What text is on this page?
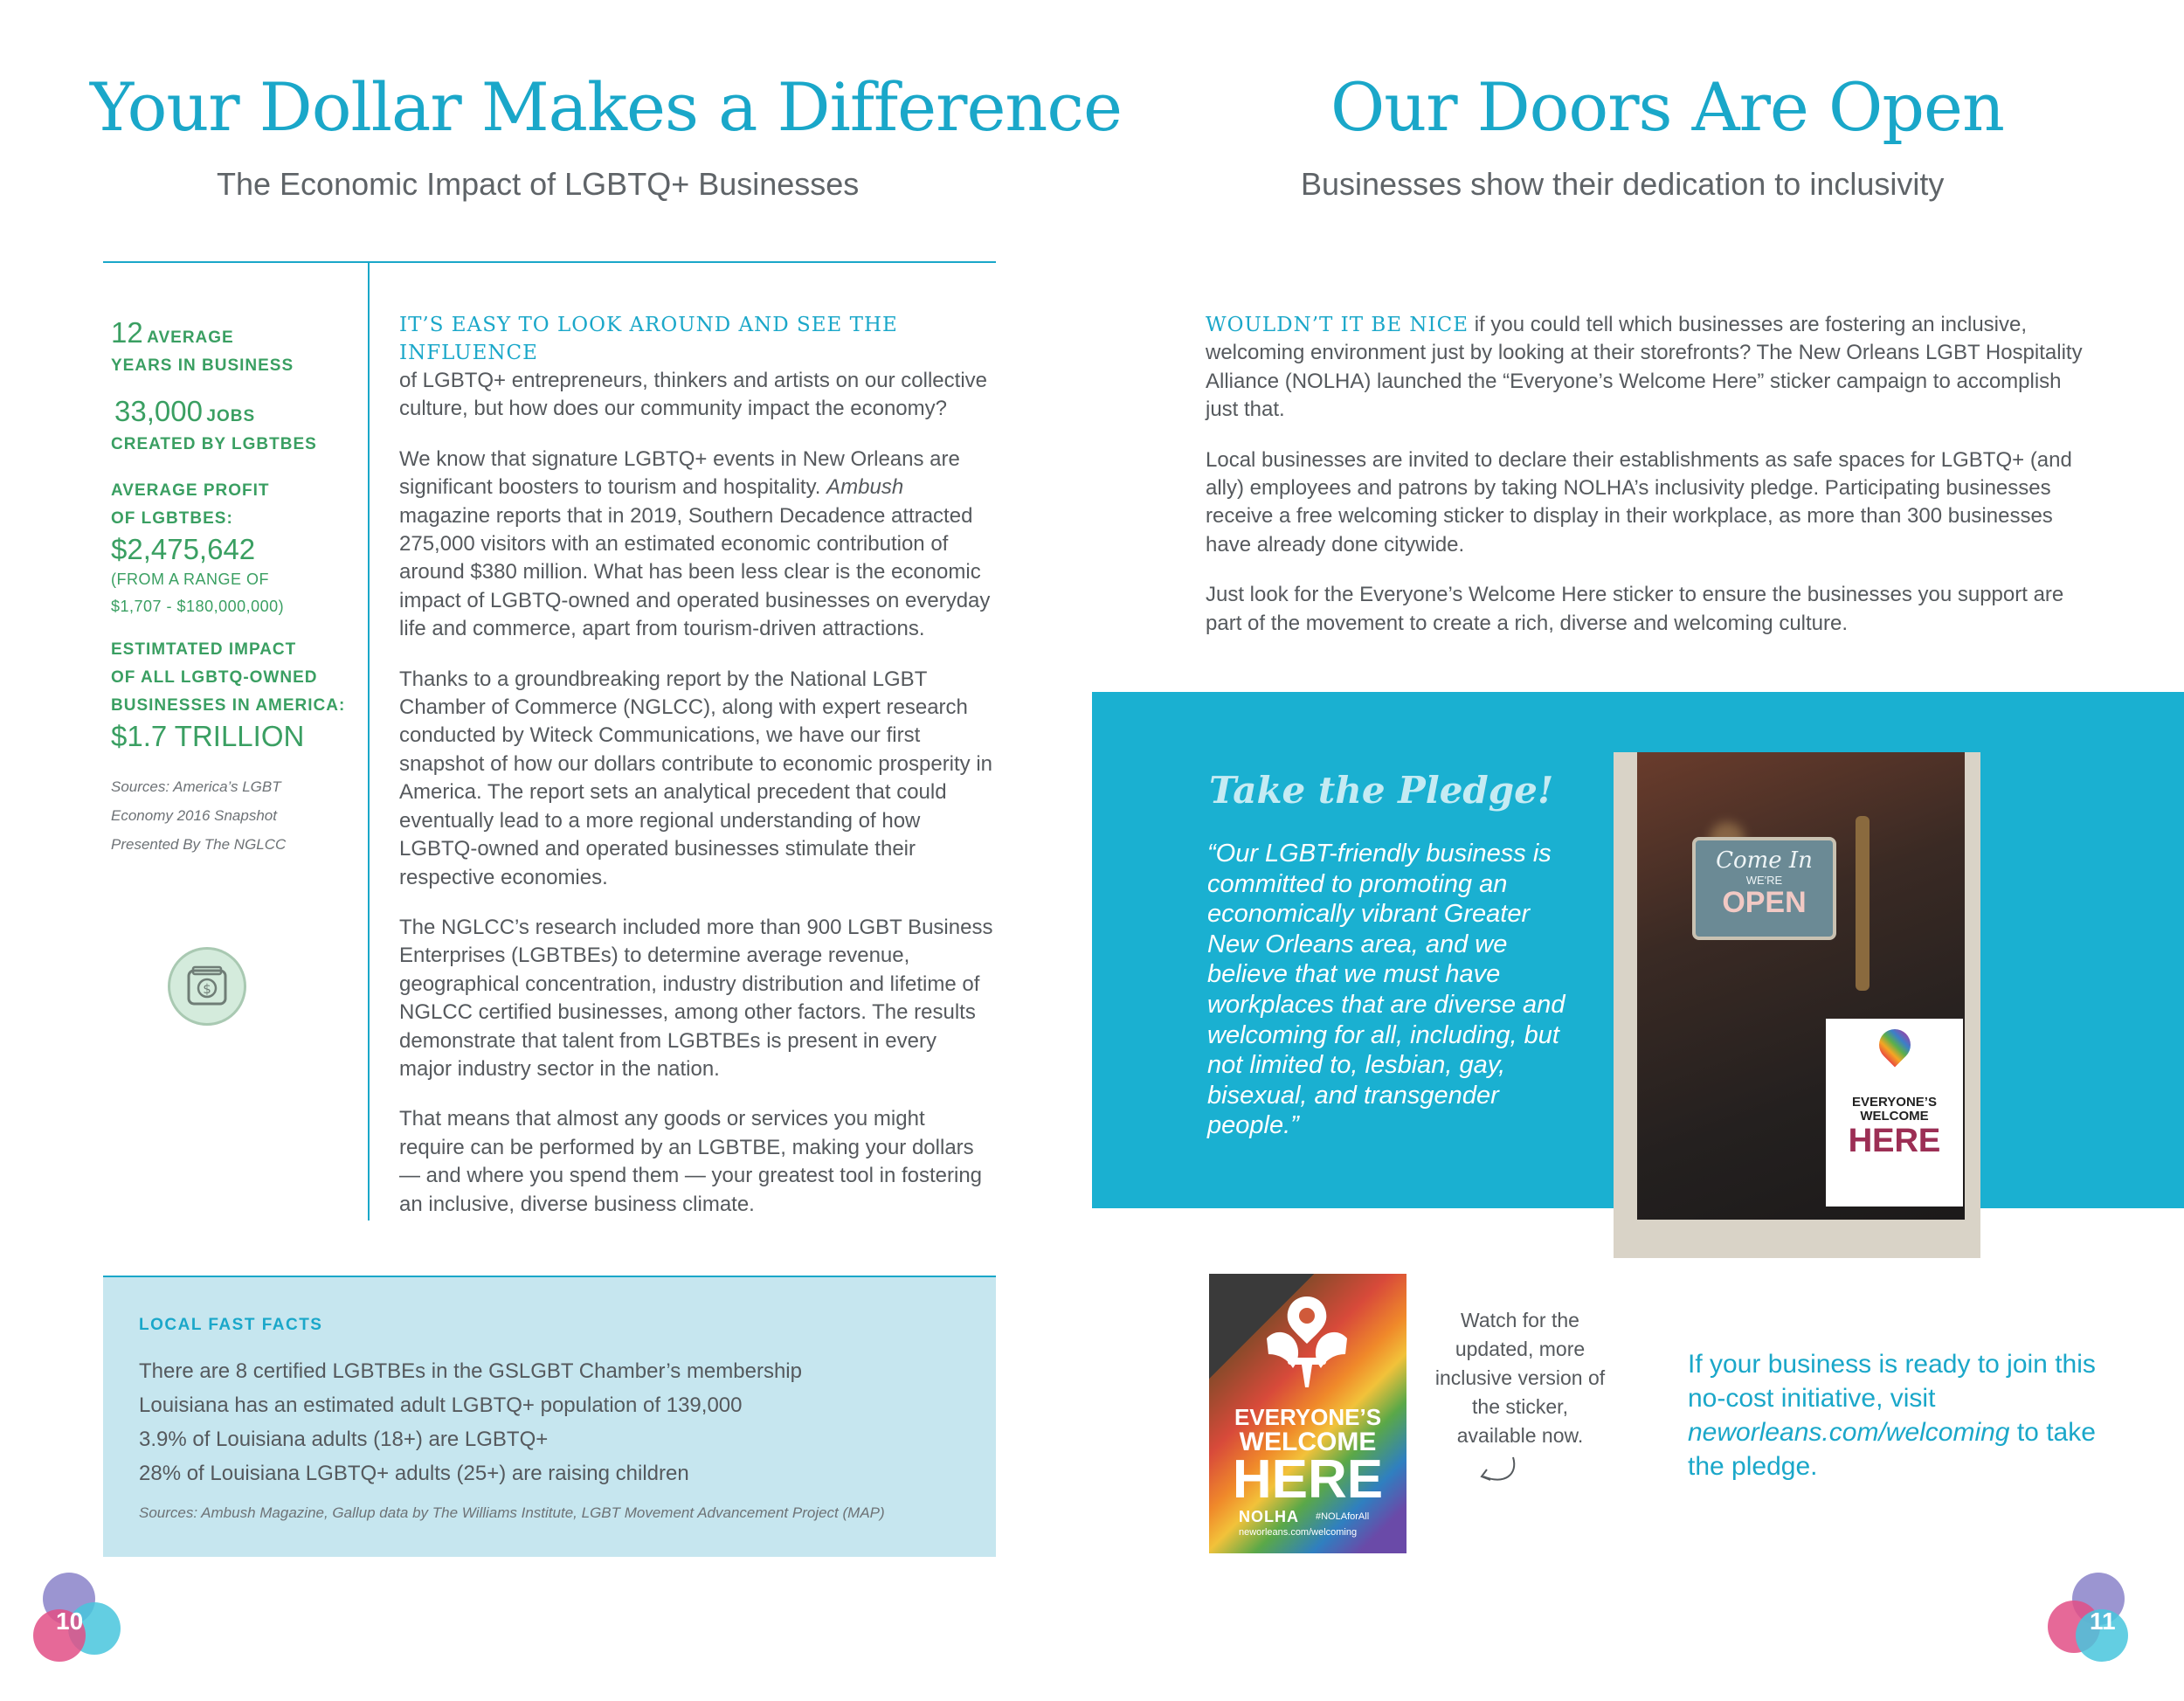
Your Dollar Makes a Difference
The Economic Impact of LGBTQ+ Businesses
12 AVERAGE
YEARS IN BUSINESS
33,000 JOBS
CREATED BY LGBTBES
AVERAGE PROFIT
OF LGBTBES:
$2,475,642
(FROM A RANGE OF
$1,707 - $180,000,000)
ESTIMTATED IMPACT
OF ALL LGBTQ-OWNED
BUSINESSES IN AMERICA:
$1.7 TRILLION
Sources: America’s LGBT
Economy 2016 Snapshot
Presented By The NGLCC
$
IT’S EASY TO LOOK AROUND AND SEE THE INFLUENCE

of LGBTQ+ entrepreneurs, thinkers and artists on our collective culture, but how does our community impact the economy?

We know that signature LGBTQ+ events in New Orleans are significant boosters to tourism and hospitality. Ambush magazine reports that in 2019, Southern Decadence attracted 275,000 visitors with an estimated economic contribution of around $380 million. What has been less clear is the economic impact of LGBTQ-owned and operated businesses on everyday life and commerce, apart from tourism-driven attractions.

Thanks to a groundbreaking report by the National LGBT Chamber of Commerce (NGLCC), along with expert research conducted by Witeck Communications, we have our first snapshot of how our dollars contribute to economic prosperity in America. The report sets an analytical precedent that could eventually lead to a more regional understanding of how LGBTQ-owned and operated businesses stimulate their respective economies.

The NGLCC’s research included more than 900 LGBT Business Enterprises (LGBTBEs) to determine average revenue, geographical concentration, industry distribution and lifetime of NGLCC certified businesses, among other factors. The results demonstrate that talent from LGBTBEs is present in every major industry sector in the nation.

That means that almost any goods or services you might require can be performed by an LGBTBE, making your dollars — and where you spend them — your greatest tool in fostering an inclusive, diverse business climate.

LOCAL FAST FACTS
There are 8 certified LGBTBEs in the GSLGBT Chamber’s membership
Louisiana has an estimated adult LGBTQ+ population of 139,000
3.9% of Louisiana adults (18+) are LGBTQ+
28% of Louisiana LGBTQ+ adults (25+) are raising children
Sources: Ambush Magazine, Gallup data by The Williams Institute, LGBT Movement Advancement Project (MAP)
10
Our Doors Are Open
Businesses show their dedication to inclusivity

WOULDN’T IT BE NICE if you could tell which businesses are fostering an inclusive, welcoming environment just by looking at their storefronts? The New Orleans LGBT Hospitality Alliance (NOLHA) launched the “Everyone’s Welcome Here” sticker campaign to accomplish just that.

Local businesses are invited to declare their establishments as safe spaces for LGBTQ+ (and ally) employees and patrons by taking NOLHA’s inclusivity pledge. Participating businesses receive a free welcoming sticker to display in their workplace, as more than 300 businesses have already done citywide.

Just look for the Everyone’s Welcome Here sticker to ensure the businesses you support are part of the movement to create a rich, diverse and welcoming culture.

Take the Pledge!
“Our LGBT-friendly business is committed to promoting an economically vibrant Greater New Orleans area, and we believe that we must have workplaces that are diverse and welcoming for all, including, but not limited to, lesbian, gay, bisexual, and transgender people.”
Come In
WE'RE
OPEN
EVERYONE’S
WELCOME
HERE
EVERYONE’S
WELCOME
HERE
NOLHA #NOLAforAll
neworleans.com/welcoming
Watch for the updated, more inclusive version of the sticker, available now.
If your business is ready to join this no-cost initiative, visit neworleans.com/welcoming to take the pledge.
11
